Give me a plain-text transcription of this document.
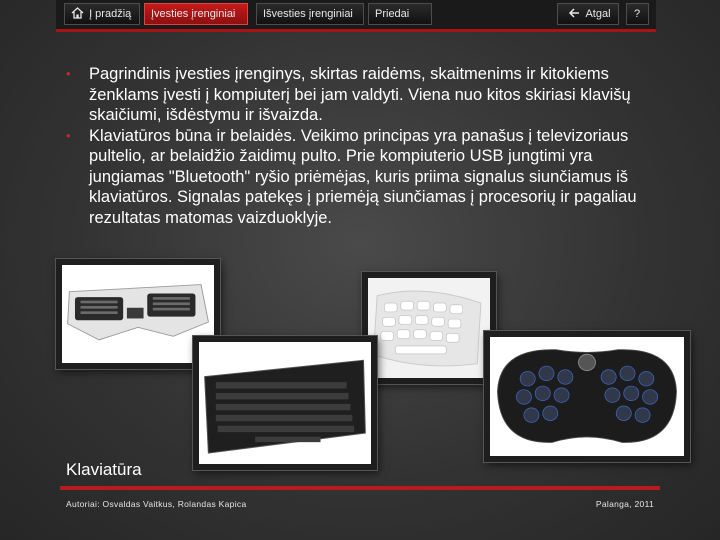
Į pradžią	Įvesties įrenginiai	Išvesties įrenginiai	Priedai	Atgal	?
• Pagrindinis įvesties įrenginys, skirtas raidėms, skaitmenims ir kitokiems ženklams įvesti į kompiuterį bei jam valdyti. Viena nuo kitos skiriasi klavišų skaičiumi, išdėstymu ir išvaizda.
• Klaviatūros būna ir belaidės. Veikimo principas yra panašus į televizoriaus pultelio, ar belaidžio žaidimų pulto. Prie kompiuterio USB jungtimi yra jungiamas "Bluetooth" ryšio priėmėjas, kuris priima signalus siunčiamus iš klaviatūros. Signalas patekęs į priemėją siunčiamas į procesorių ir pagaliau rezultatas matomas vaizduoklyje.
Klaviatūra
Autoriai: Osvaldas Vaitkus, Rolandas Kapica	Palanga, 2011
